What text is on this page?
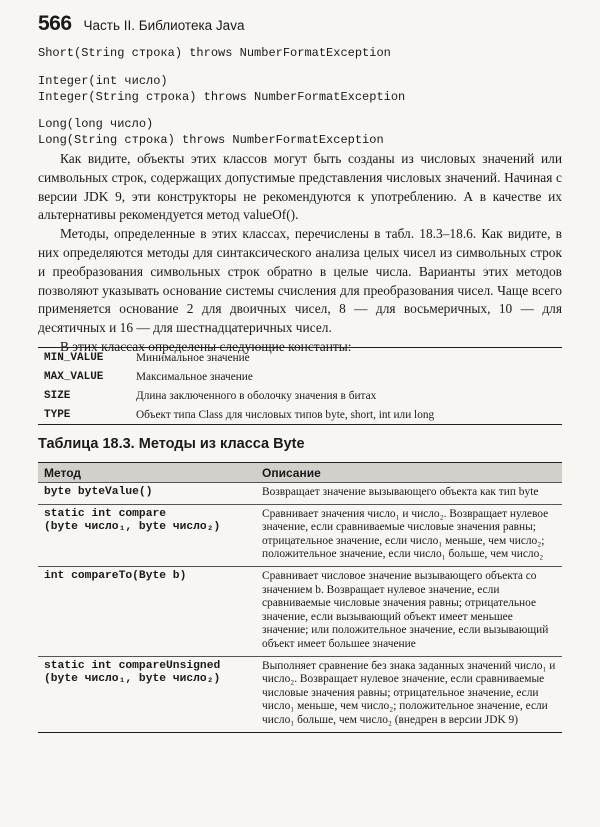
566 Часть II. Библиотека Java
Short(String строка) throws NumberFormatException
Integer(int число)
Integer(String строка) throws NumberFormatException
Long(long число)
Long(String строка) throws NumberFormatException

Как видите, объекты этих классов могут быть созданы из числовых значений или символьных строк, содержащих допустимые представления числовых значений. Начиная с версии JDK 9, эти конструкторы не рекомендуются к употреблению. А в качестве их альтернативы рекомендуется метод valueOf().

Методы, определенные в этих классах, перечислены в табл. 18.3–18.6. Как видите, в них определяются методы для синтаксического анализа целых чисел из символьных строк и преобразования символьных строк обратно в целые числа. Варианты этих методов позволяют указывать основание системы счисления для преобразования чисел. Чаще всего применяется основание 2 для двоичных чисел, 8 — для восьмеричных, 10 — для десятичных и 16 — для шестнадцатеричных чисел.

В этих классах определены следующие константы:

MIN_VALUE	Минимальное значение
MAX_VALUE	Максимальное значение
SIZE	Длина заключенного в оболочку значения в битах
TYPE	Объект типа Class для числовых типов byte, short, int или long
Таблица 18.3. Методы из класса Byte
Метод	Описание
byte byteValue()	Возвращает значение вызывающего объекта как тип byte
static int compare
(byte число₁, byte число₂)	Сравнивает значения число₁ и число₂. Возвращает нулевое значение, если сравниваемые числовые значения равны; отрицательное значение, если число₁ меньше, чем число₂; положительное значение, если число₁ больше, чем число₂
int compareTo(Byte b)	Сравнивает числовое значение вызывающего объекта со значением b. Возвращает нулевое значение, если сравниваемые числовые значения равны; отрицательное значение, если вызывающий объект имеет меньшее значение; или положительное значение, если вызывающий объект имеет большее значение
static int compareUnsigned
(byte число₁, byte число₂)	Выполняет сравнение без знака заданных значений число₁ и число₂. Возвращает нулевое значение, если сравниваемые числовые значения равны; отрицательное значение, если число₁ меньше, чем число₂; положительное значение, если число₁ больше, чем число₂ (внедрен в версии JDK 9)
